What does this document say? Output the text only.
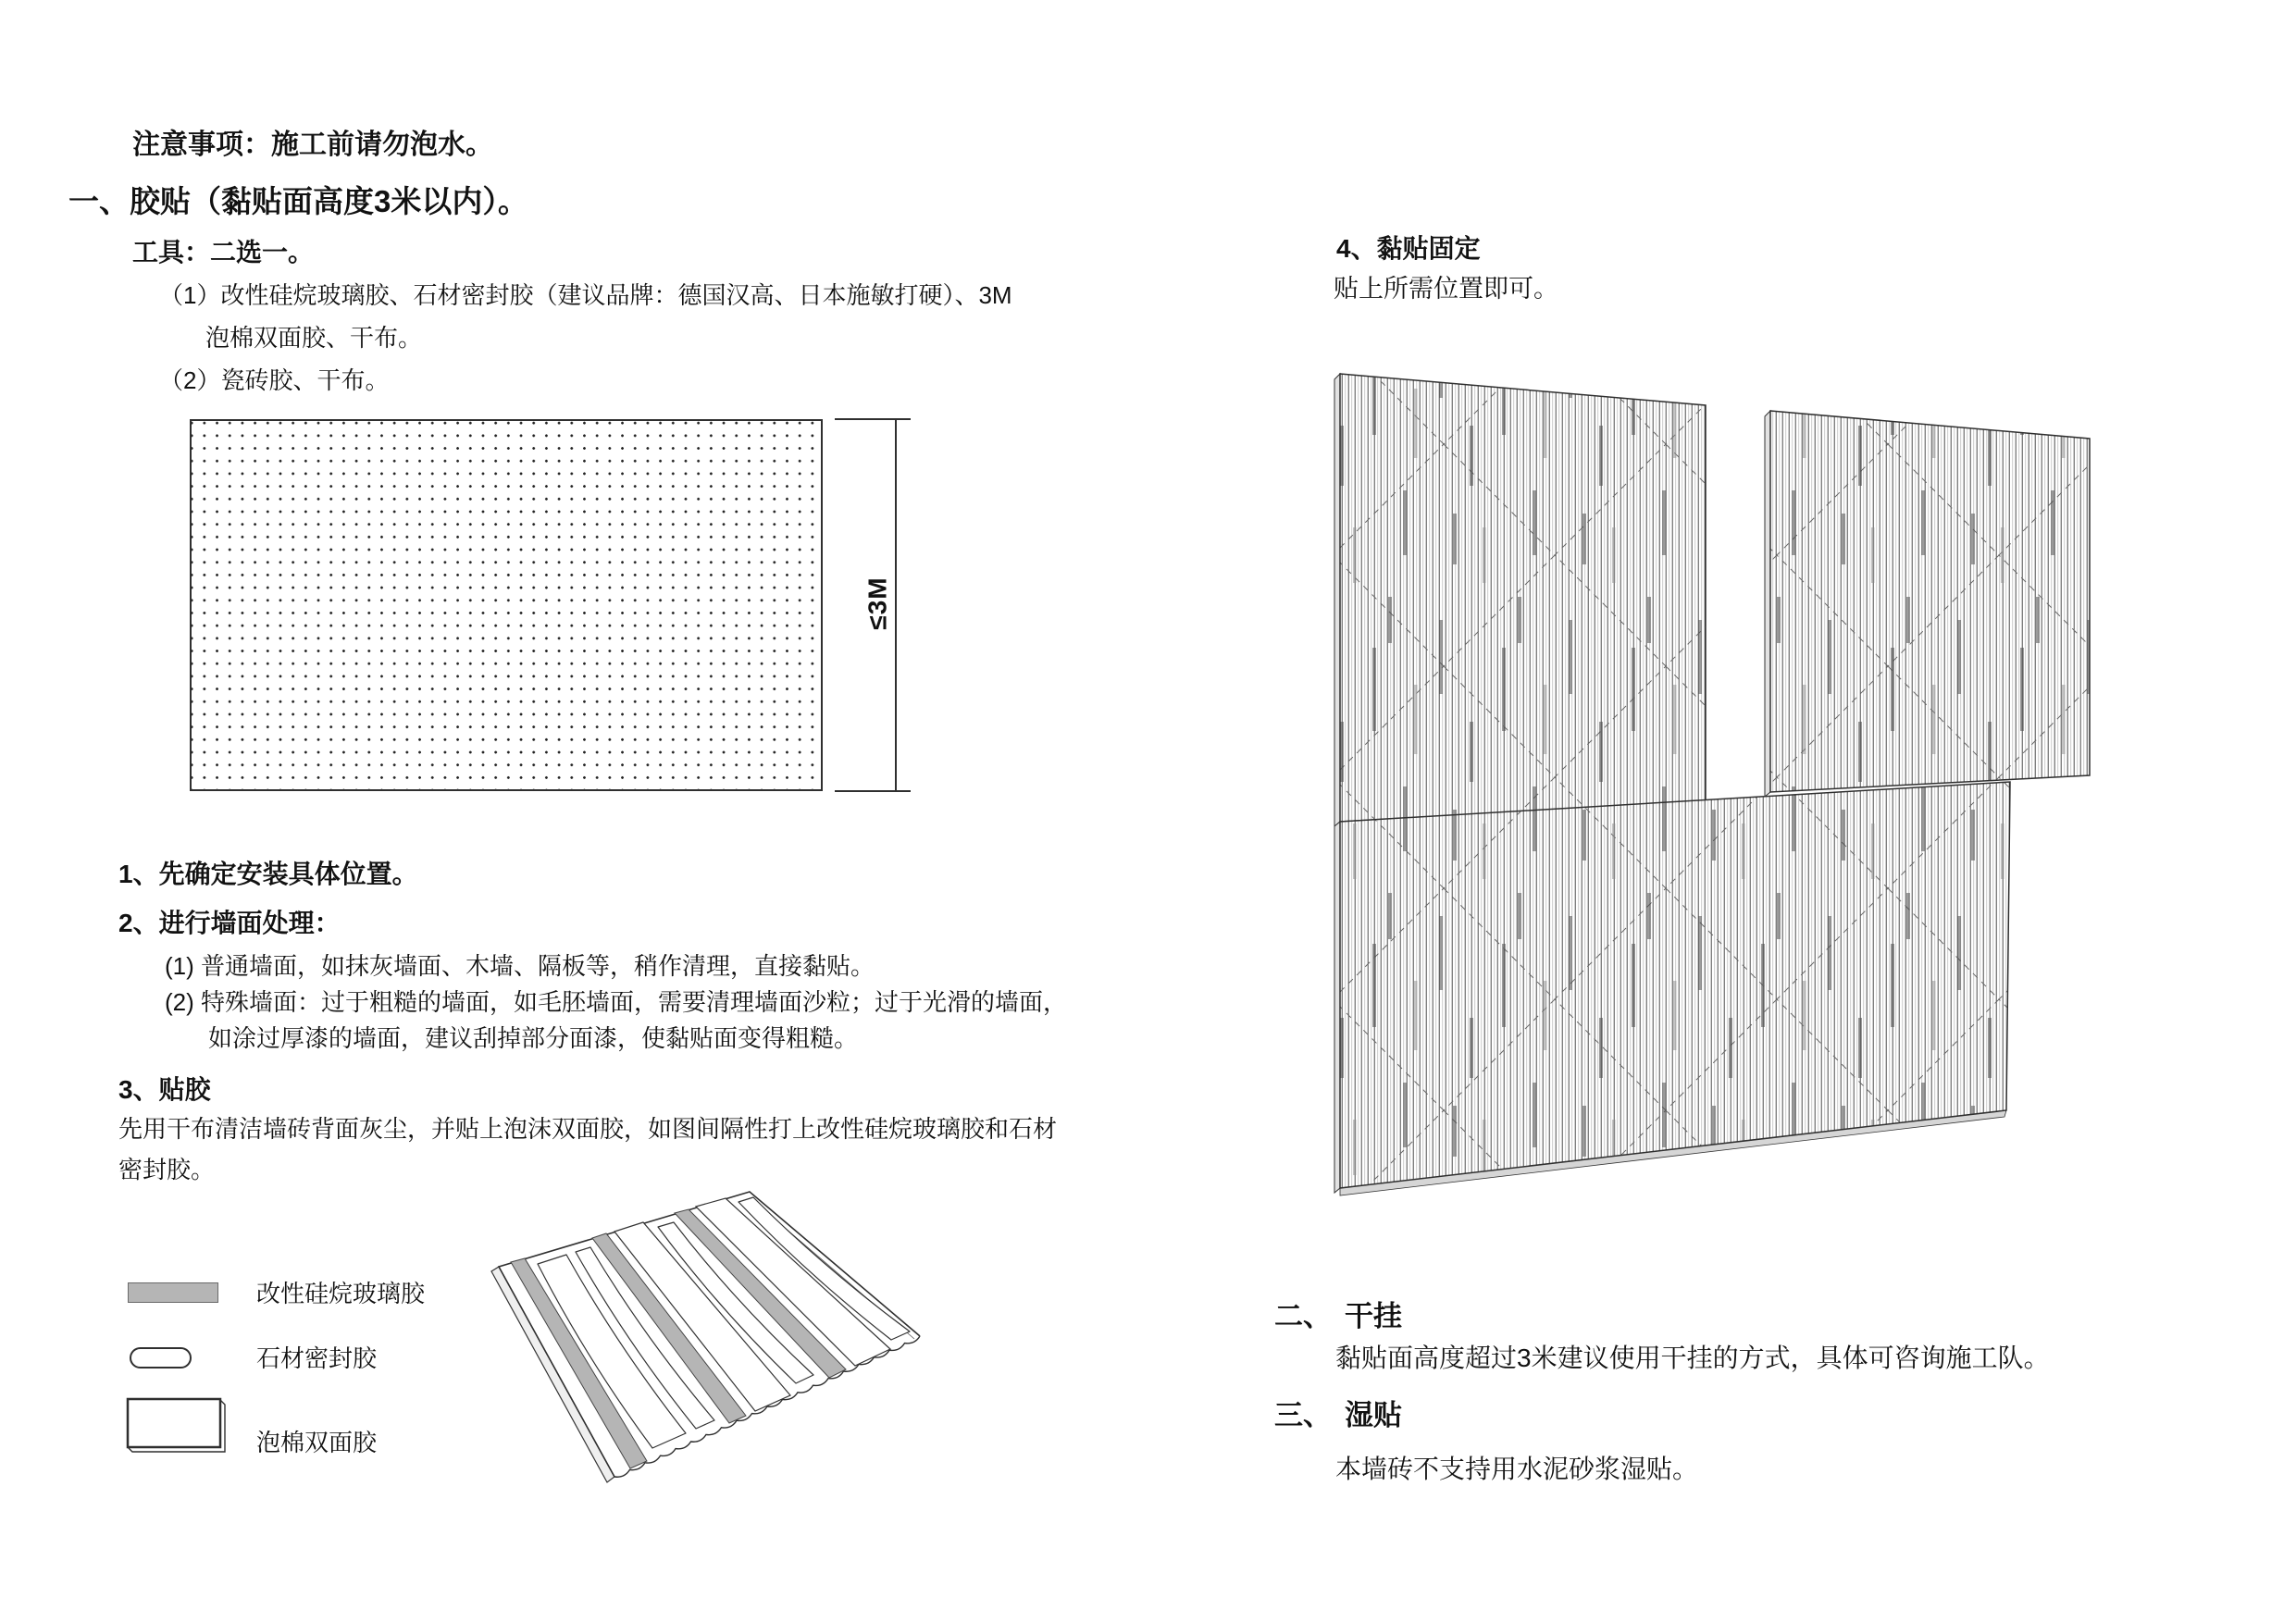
注意事项：施工前请勿泡水。
一、胶贴（黏贴面高度3米以内）。
工具：二选一。
（1）改性硅烷玻璃胶、石材密封胶（建议品牌：德国汉高、日本施敏打硬）、3M
泡棉双面胶、干布。
（2）瓷砖胶、干布。
≤3M
1、先确定安装具体位置。
2、进行墙面处理：
(1) 普通墙面，如抹灰墙面、木墙、隔板等，稍作清理，直接黏贴。
(2) 特殊墙面：过于粗糙的墙面，如毛胚墙面，需要清理墙面沙粒；过于光滑的墙面，
如涂过厚漆的墙面，建议刮掉部分面漆，使黏贴面变得粗糙。
3、贴胶
先用干布清洁墙砖背面灰尘，并贴上泡沫双面胶，如图间隔性打上改性硅烷玻璃胶和石材
密封胶。
改性硅烷玻璃胶
石材密封胶
泡棉双面胶
4、黏贴固定
贴上所需位置即可。
二、 干挂
黏贴面高度超过3米建议使用干挂的方式，具体可咨询施工队。
三、 湿贴
本墙砖不支持用水泥砂浆湿贴。
